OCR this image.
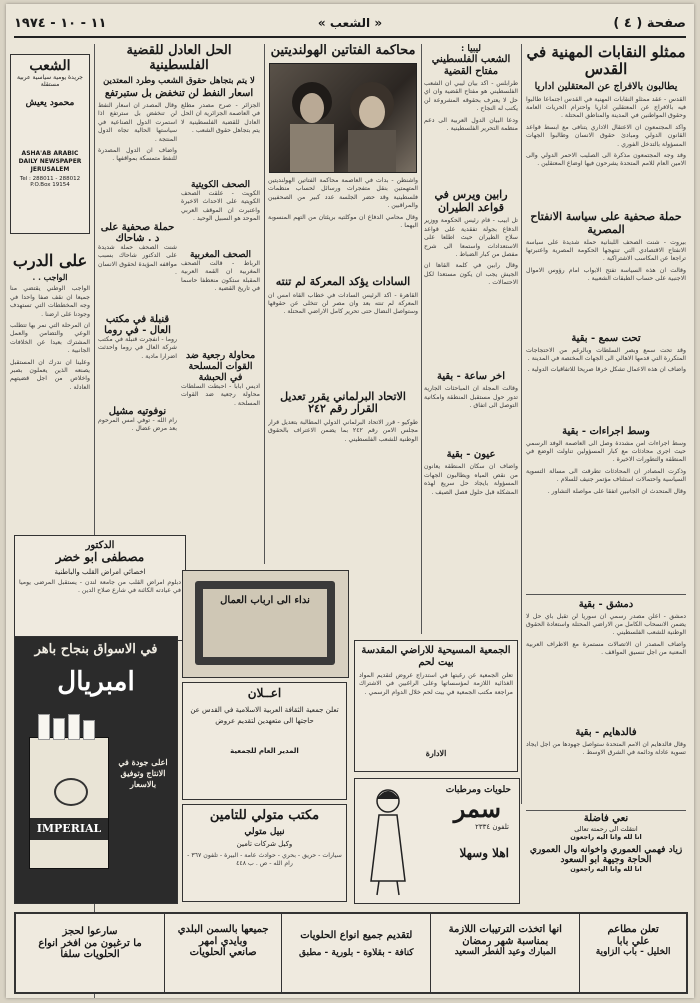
صفحة ( ٤ )
« الشعب »
١١ - ١٠ - ١٩٧٤
ممثلو النقابات المهنية في القدس
يطالبون بالافراج عن المعتقلين اداريا

القدس - عقد ممثلو النقابات المهنية في القدس اجتماعا طالبوا فيه بالافراج عن المعتقلين اداريا واحترام الحريات العامة وحقوق المواطنين في المدينة والمناطق المحتلة .

واكد المجتمعون ان الاعتقال الاداري يتنافى مع ابسط قواعد القانون الدولي ومبادئ حقوق الانسان وطالبوا الجهات المسؤولة بالتدخل الفوري .

وقد وجه المجتمعون مذكرة الى الصليب الاحمر الدولي والى الامين العام للامم المتحدة يشرحون فيها اوضاع المعتقلين .

حملة صحفية على سياسة الانفتاح المصرية

بيروت - شنت الصحف اللبنانية حملة شديدة على سياسة الانفتاح الاقتصادي التي تنتهجها الحكومة المصرية واعتبرتها تراجعا عن المكاسب الاشتراكية .

وقالت ان هذه السياسة تفتح الابواب امام رؤوس الاموال الاجنبية على حساب الطبقات الشعبية .

تحت سمع - بقية

وقد تحت سمع وبصر السلطات وبالرغم من الاحتجاجات المتكررة التي قدمها الاهالي الى الجهات المختصة في المدينة .

واضاف ان هذه الاعمال تشكل خرقا صريحا للاتفاقيات الدولية .

وسط اجراءات - بقية

وسط اجراءات امن مشددة وصل الى العاصمة الوفد الرسمي حيث اجرى محادثات مع كبار المسؤولين تناولت الوضع في المنطقة والتطورات الاخيرة .

وذكرت المصادر ان المحادثات تطرقت الى مسالة التسوية السياسية واحتمالات استئناف مؤتمر جنيف للسلام .

وقال المتحدث ان الجانبين اتفقا على مواصلة التشاور .

دمشق - بقية

دمشق - اعلن مصدر رسمي ان سوريا لن تقبل باي حل لا يضمن الانسحاب الكامل من الاراضي المحتلة واستعادة الحقوق الوطنية للشعب الفلسطيني .

واضاف المصدر ان الاتصالات مستمرة مع الاطراف العربية المعنية من اجل تنسيق المواقف .

فالدهايم - بقية

وقال فالدهايم ان الامم المتحدة ستواصل جهودها من اجل ايجاد تسوية عادلة ودائمة في الشرق الاوسط .

ليبيا :
الشعب الفلسطيني مفتاح القضية

طرابلس - اكد بيان ليبي ان الشعب الفلسطيني هو مفتاح القضية وان اي حل لا يعترف بحقوقه المشروعة لن يكتب له النجاح .

ودعا البيان الدول العربية الى دعم منظمة التحرير الفلسطينية .

رابين ويرس في قواعد الطيران

تل ابيب - قام رئيس الحكومة ووزير الدفاع بجولة تفقدية على قواعد سلاح الطيران حيث اطلعا على الاستعدادات واستمعا الى شرح مفصل من كبار الضباط .

وقال رابين في كلمة القاها ان الجيش يجب ان يكون مستعدا لكل الاحتمالات .

اخر ساعة - بقية

وقالت المجلة ان المباحثات الجارية تدور حول مستقبل المنطقة وامكانية التوصل الى اتفاق .

عيون - بقية

واضاف ان سكان المنطقة يعانون من نقص المياه ويطالبون الجهات المسؤولة بايجاد حل سريع لهذه المشكلة قبل حلول فصل الصيف .

محاكمة الفتاتين الهولنديتين

واشنطن - بدأت في العاصمة محاكمة الفتاتين الهولنديتين المتهمتين بنقل متفجرات ورسائل لحساب منظمات فلسطينية وقد حضر الجلسة عدد كبير من الصحفيين والمراقبين .

وقال محامي الدفاع ان موكلتيه بريئتان من التهم المنسوبة اليهما .

السادات يؤكد المعركة لم تنته

القاهرة - اكد الرئيس السادات في خطاب القاه امس ان المعركة لم تنته بعد وان مصر لن تتخلى عن حقوقها وستواصل النضال حتى تحرير كامل الاراضي المحتلة .

الاتحاد البرلماني يقرر تعديل القرار رقم ٢٤٢

طوكيو - قرر الاتحاد البرلماني الدولي المطالبة بتعديل قرار مجلس الامن رقم ٢٤٢ بما يضمن الاعتراف بالحقوق الوطنية للشعب الفلسطيني .

الحل العادل للقضية الفلسطينية
لا يتم بتجاهل حقوق الشعب وطرد المعتدين
اسعار النفط لن تنخفض بل ستبرتفع

الجزائر - صرح مصدر مطلع في العاصمة الجزائرية ان الحل العادل للقضية الفلسطينية لا يتم بتجاهل حقوق الشعب .

الصحف الكويتية

الكويت - علقت الصحف الكويتية على الاحداث الاخيرة واعتبرت ان الموقف العربي الموحد هو السبيل الوحيد .

الصحف المغربية

الرباط - قالت الصحف المغربية ان القمة العربية المقبلة ستكون منعطفا حاسما في تاريخ القضية .

محاولة رجعية ضد القوات المسلحة في الحبشة

اديس ابابا - احبطت السلطات محاولة رجعية ضد القوات المسلحة .

وقال المصدر ان اسعار النفط لن تنخفض بل سترتفع اذا استمرت الدول الصناعية في سياستها الحالية تجاه الدول المنتجة .

واضاف ان الدول المصدرة للنفط متمسكة بمواقفها .

حملة صحفية على د . شاحاك

شنت الصحف حملة شديدة على الدكتور شاحاك بسبب مواقفه المؤيدة لحقوق الانسان .

قنبلة في مكتب العال - في روما

روما - انفجرت قنبلة في مكتب شركة العال في روما واحدثت اضرارا مادية .

نوفوتيه مشيل

رام الله - توفي امس المرحوم بعد مرض عضال .

الشعب
جريدة يومية سياسية عربية مستقلة
محمود يعيش
ASHA'AB ARABIC DAILY NEWSPAPER JERUSALEM
Tel : 288011 - 288012
P.O.Box 19154
على الدرب
الواجب . .

الواجب الوطني يقتضي منا جميعا ان نقف صفا واحدا في وجه المخططات التي تستهدف وجودنا على ارضنا .

ان المرحلة التي نمر بها تتطلب الوعي والتضامن والعمل المشترك بعيدا عن الخلافات الجانبية .

وعلينا ان ندرك ان المستقبل يصنعه الذين يعملون بصبر واخلاص من اجل قضيتهم العادلة .

الدكتور
مصطفى ابو خضر
اخصائي امراض القلب والباطنية

دبلوم امراض القلب من جامعة لندن - يستقبل المرضى يوميا في عيادته الكائنة في شارع صلاح الدين .

في الاسواق بنجاح باهر
امبريال
IMPERIAL
اعلى جودة في الانتاج وتوفيق بالاسعار
نداء الى ارباب العمال
اعــلان
تعلن جمعية الثقافة العربية الاسلامية في القدس عن حاجتها الى متعهدين لتقديم عروض
المدير العام للجمعية
مكتب متولي للتامين
نبيل متولي
وكيل شركات تامين

سيارات - حريق - بحري - حوادث عامة - البيرة - تلفون ٣٦٧ - رام الله - ص . ب ٤٤٨

الجمعية المسيحية للاراضي المقدسة بيت لحم

تعلن الجمعية عن رغبتها في استدراج عروض لتقديم المواد الغذائية اللازمة لمؤسساتها وعلى الراغبين في الاشتراك مراجعة مكتب الجمعية في بيت لحم خلال الدوام الرسمي .

الادارة
حلويات ومرطبات
سمر
تلفون ٢٣٣٤
اهلا وسهلا
نعي فاضلة
انتقلت الى رحمته تعالى
انا لله وانا اليه راجعون
زياد فهمي العموري واخوانه وال العموري
الحاجة وجيهة ابو السعود
انا لله وانا اليه راجعون
تعلن مطاعم
علي بابا
الخليل - باب الزاوية
انها اتخذت الترتيبات اللازمة
بمناسبة شهر رمضان
المبارك وعيد الفطر السعيد
لتقديم جميع انواع الحلويات
كنافة - بقلاوة - بلورية - مطبق
جميعها بالسمن البلدي
وبايدي امهر
صانعي الحلويات
سارعوا لحجز
ما ترغبون من افخر انواع
الحلويات سلفا
